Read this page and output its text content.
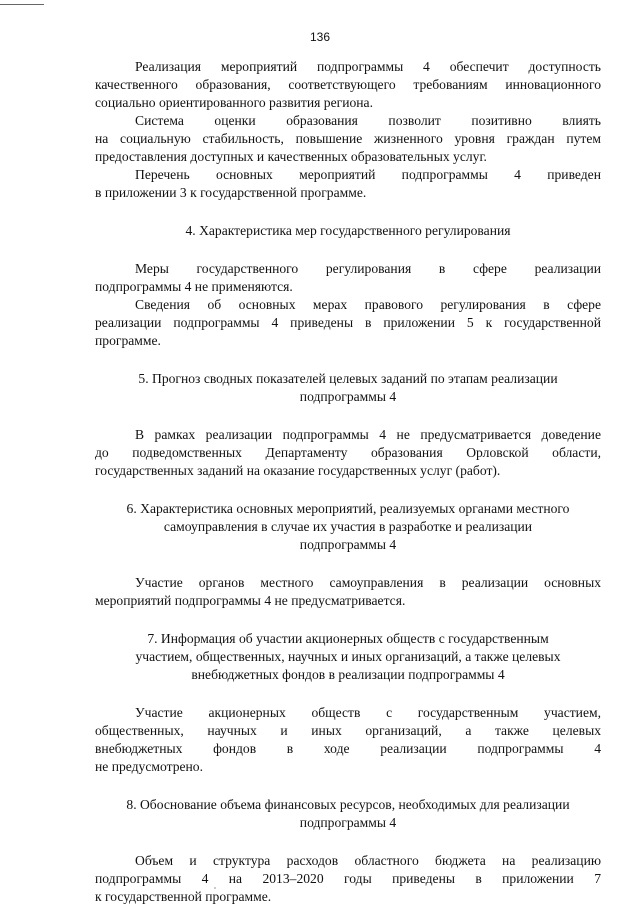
136
Реализация мероприятий подпрограммы 4 обеспечит доступность
качественного образования, соответствующего требованиям инновационного
социально ориентированного развития региона.
Система оценки образования позволит позитивно влиять
на социальную стабильность, повышение жизненного уровня граждан путем
предоставления доступных и качественных образовательных услуг.
Перечень основных мероприятий подпрограммы 4 приведен
в приложении 3 к государственной программе.
4. Характеристика мер государственного регулирования
Меры государственного регулирования в сфере реализации
подпрограммы 4 не применяются.
Сведения об основных мерах правового регулирования в сфере
реализации подпрограммы 4 приведены в приложении 5 к государственной
программе.
5. Прогноз сводных показателей целевых заданий по этапам реализации
подпрограммы 4
В рамках реализации подпрограммы 4 не предусматривается доведение
до подведомственных Департаменту образования Орловской области,
государственных заданий на оказание государственных услуг (работ).
6. Характеристика основных мероприятий, реализуемых органами местного
самоуправления в случае их участия в разработке и реализации
подпрограммы 4
Участие органов местного самоуправления в реализации основных
мероприятий подпрограммы 4 не предусматривается.
7. Информация об участии акционерных обществ с государственным
участием, общественных, научных и иных организаций, а также целевых
внебюджетных фондов в реализации подпрограммы 4
Участие акционерных обществ с государственным участием,
общественных, научных и иных организаций, а также целевых
внебюджетных фондов в ходе реализации подпрограммы 4
не предусмотрено.
8. Обоснование объема финансовых ресурсов, необходимых для реализации
подпрограммы 4
Объем и структура расходов областного бюджета на реализацию
подпрограммы 4 на 2013–2020 годы приведены в приложении 7
к государственной программе.
